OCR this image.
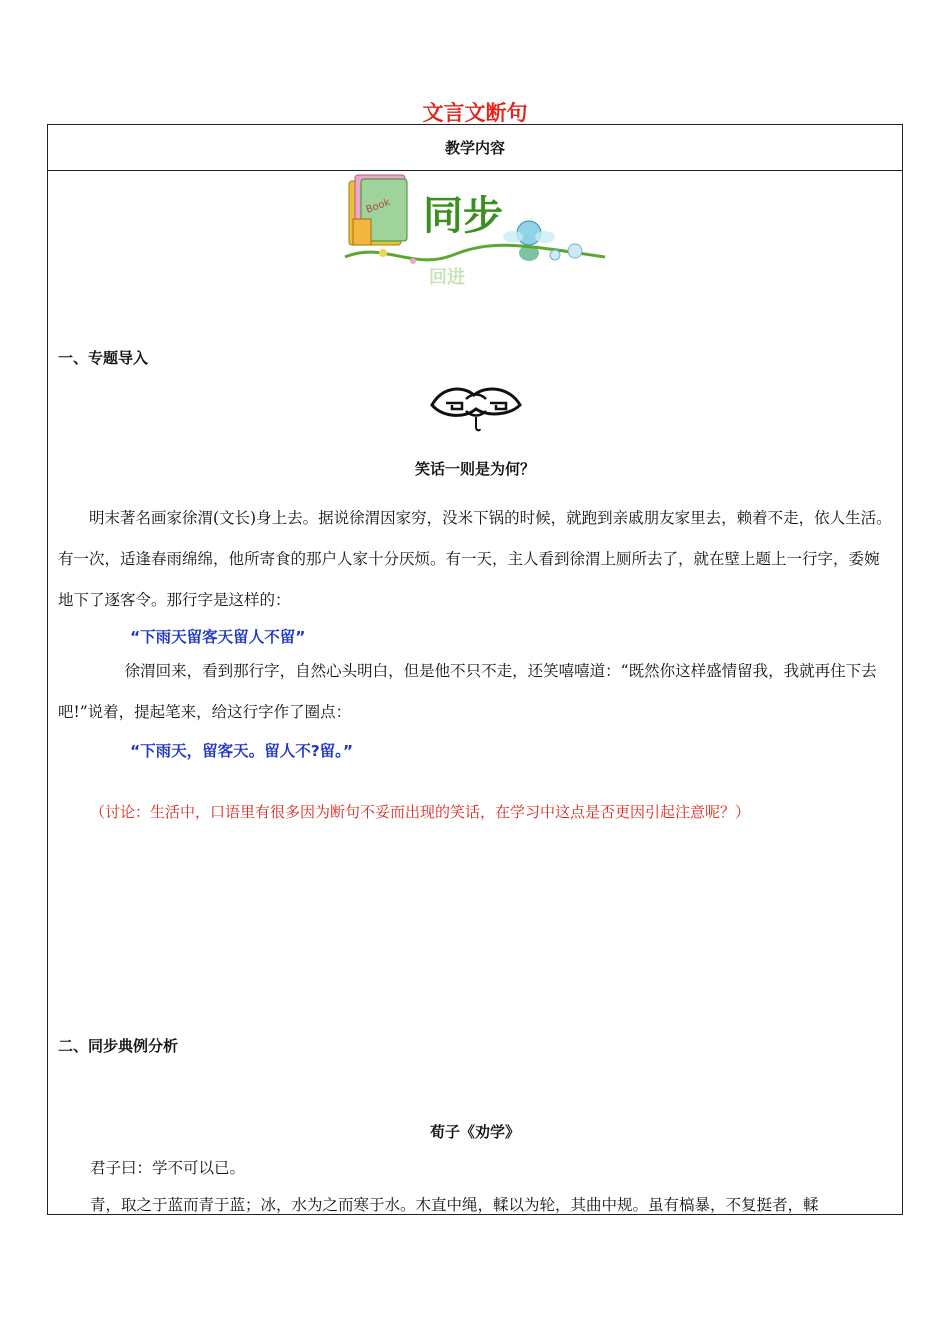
文言文断句
教学内容
Book 同步
回进
一、专题导入
笑话一则是为何？

明末著名画家徐渭(文长)身上去。据说徐渭因家穷，没米下锅的时候，就跑到亲戚朋友家里去，赖着不走，依人生活。有一次，适逢春雨绵绵，他所寄食的那户人家十分厌烦。有一天，主人看到徐渭上厕所去了，就在壁上题上一行字，委婉地下了逐客令。那行字是这样的：

“下雨天留客天留人不留”

徐渭回来，看到那行字，自然心头明白，但是他不只不走，还笑嘻嘻道：“既然你这样盛情留我，我就再住下去吧!”说着，提起笔来，给这行字作了圈点：

“下雨天，留客天。留人不?留。”
（讨论：生活中，口语里有很多因为断句不妥而出现的笑话，在学习中这点是否更因引起注意呢？）
二、同步典例分析
荀子《劝学》
君子曰：学不可以已。
青，取之于蓝而青于蓝；冰，水为之而寒于水。木直中绳，輮以为轮，其曲中规。虽有槁暴，不复挺者，輮
